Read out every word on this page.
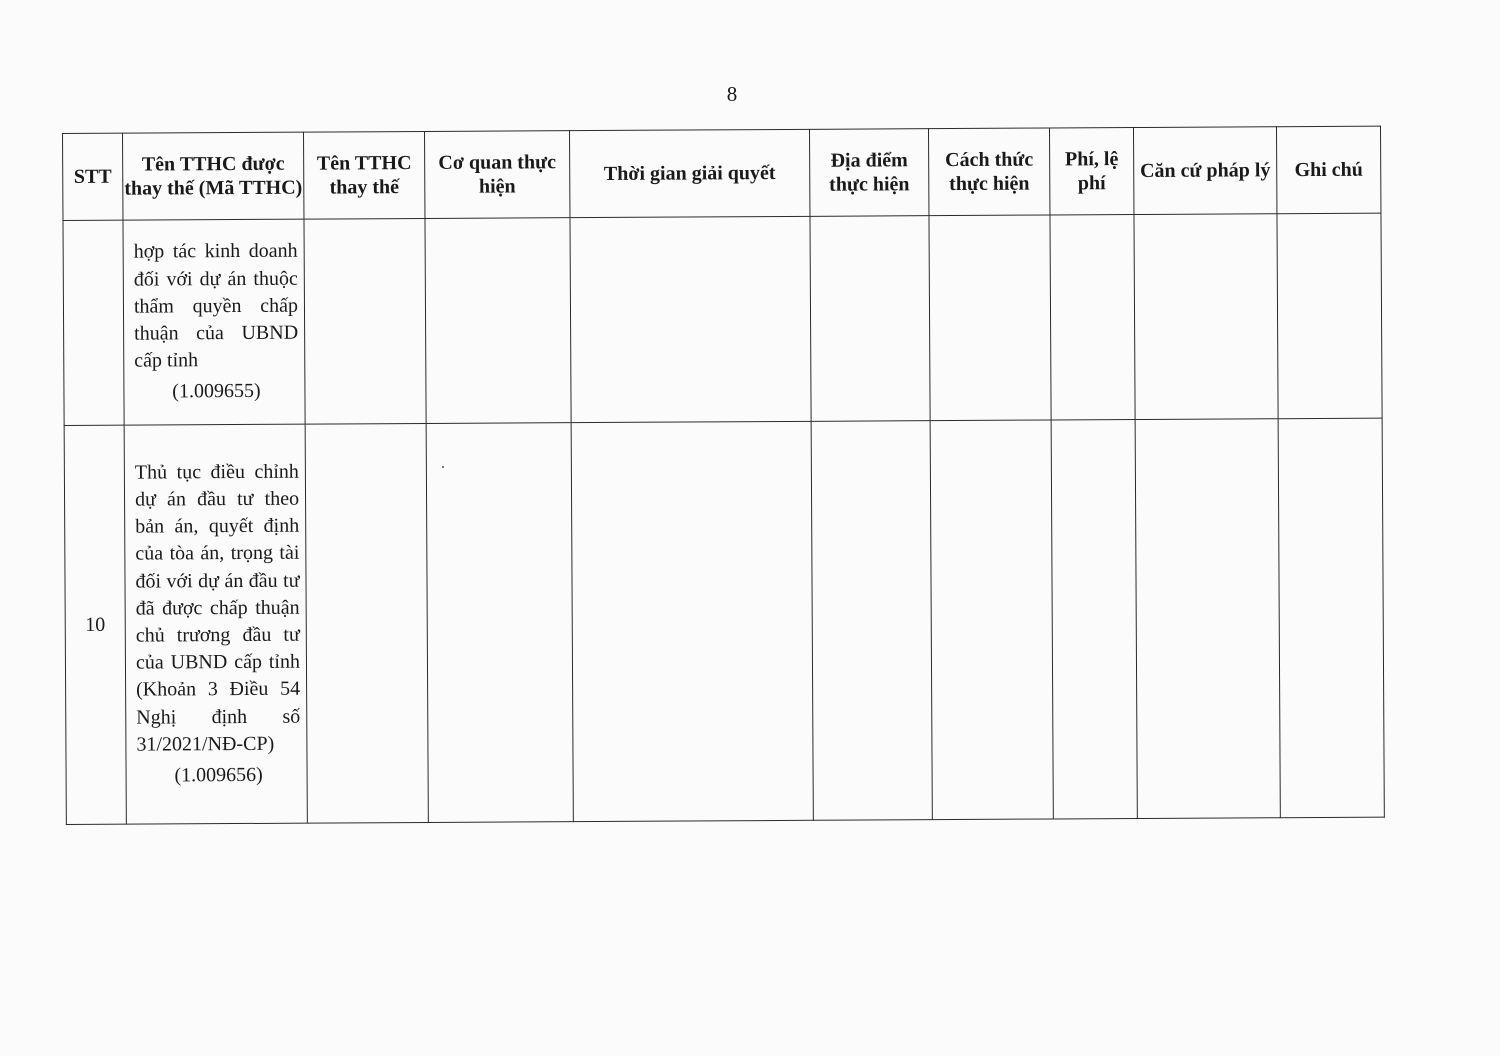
8
STT	Tên TTHC được thay thế (Mã TTHC)	Tên TTHC thay thế	Cơ quan thực hiện	Thời gian giải quyết	Địa điểm thực hiện	Cách thức thực hiện	Phí, lệ phí	Căn cứ pháp lý	Ghi chú

	hợp tác kinh doanh đối với dự án thuộc thẩm quyền chấp thuận của UBND cấp tỉnh
(1.009655)								

10	Thủ tục điều chỉnh dự án đầu tư theo bản án, quyết định của tòa án, trọng tài đối với dự án đầu tư đã được chấp thuận chủ trương đầu tư của UBND cấp tỉnh (Khoản 3 Điều 54 Nghị định số 31/2021/NĐ-CP)
(1.009656)								
